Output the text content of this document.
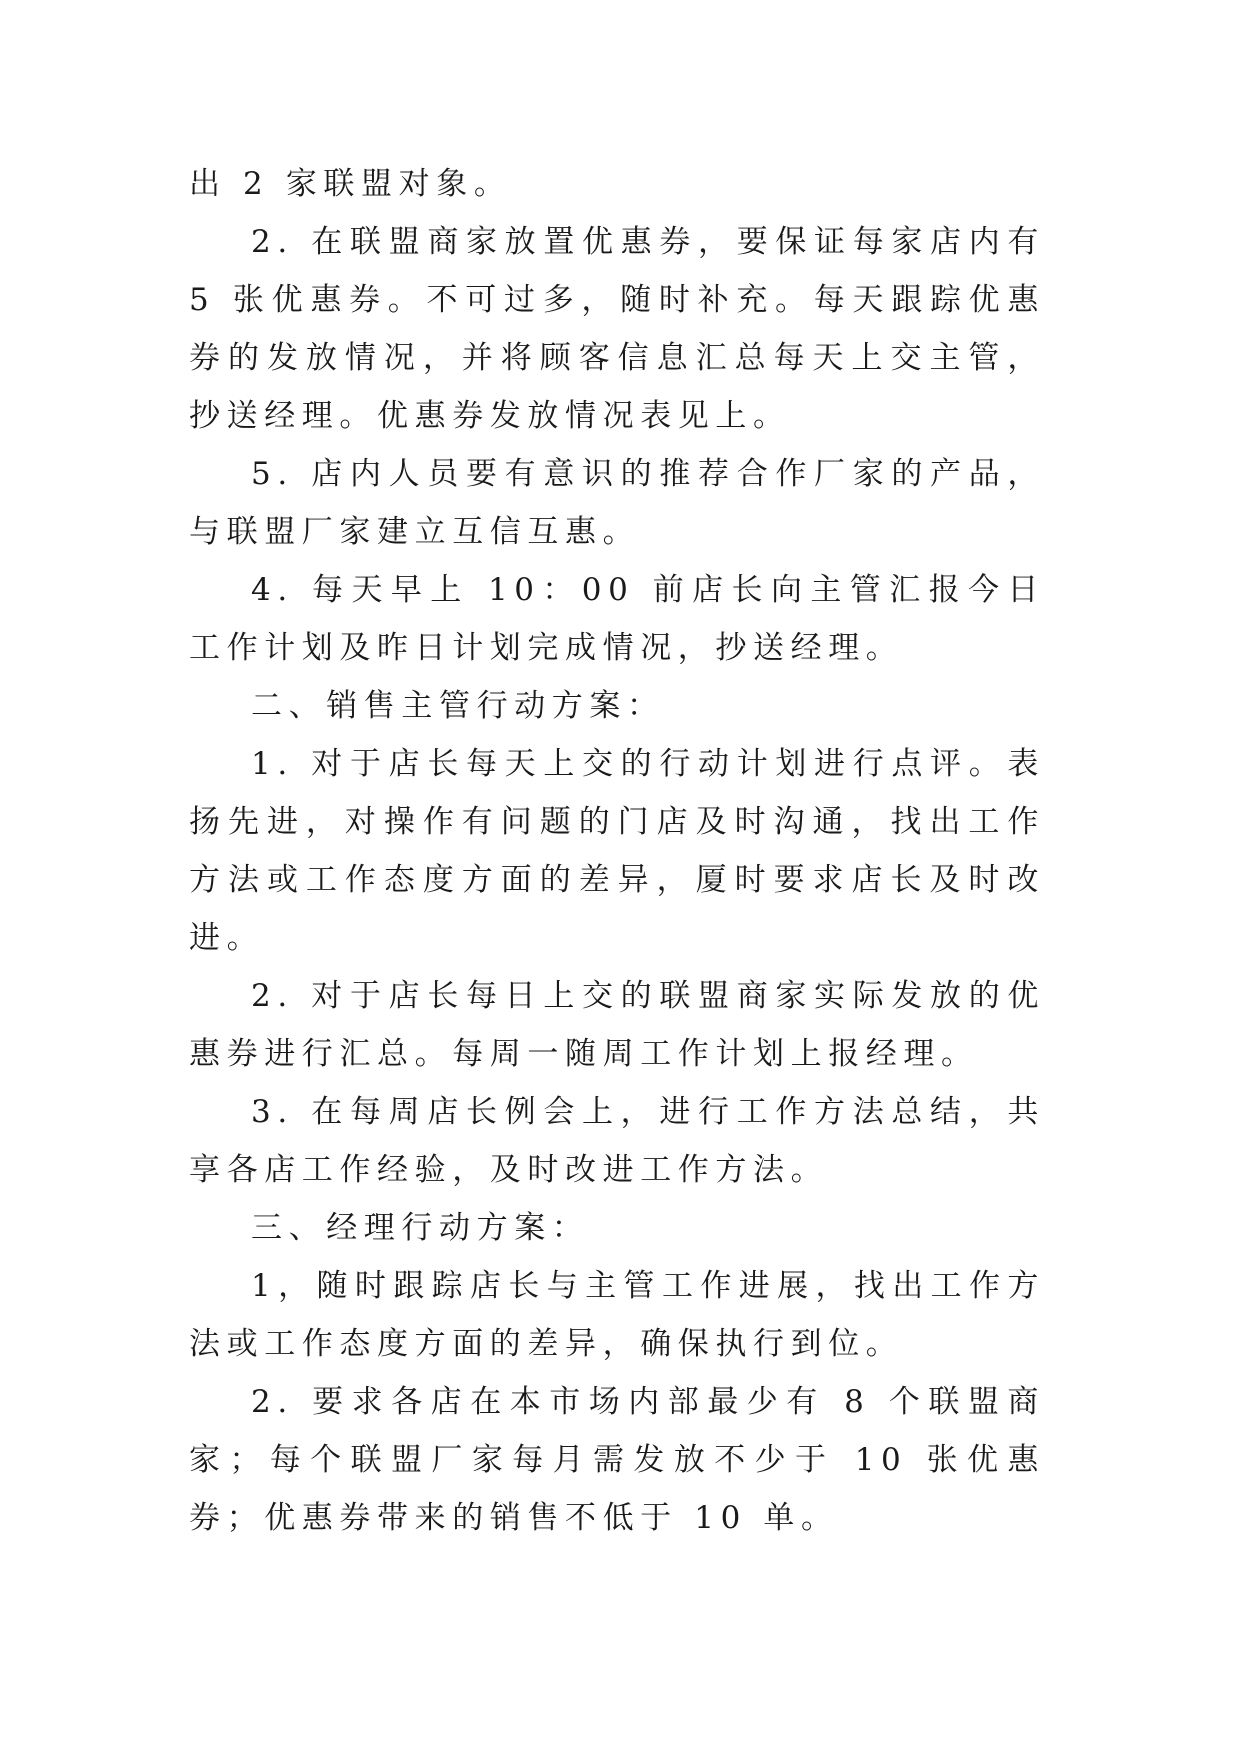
出 2 家联盟对象。

2. 在联盟商家放置优惠券，要保证每家店内有 5 张优惠券。不可过多，随时补充。每天跟踪优惠券的发放情况，并将顾客信息汇总每天上交主管，抄送经理。优惠券发放情况表见上。

5. 店内人员要有意识的推荐合作厂家的产品，与联盟厂家建立互信互惠。

4. 每天早上 10：00 前店长向主管汇报今日工作计划及昨日计划完成情况，抄送经理。

二、销售主管行动方案：

1. 对于店长每天上交的行动计划进行点评。表扬先进，对操作有问题的门店及时沟通，找出工作方法或工作态度方面的差异，厦时要求店长及时改进。

2. 对于店长每日上交的联盟商家实际发放的优惠券进行汇总。每周一随周工作计划上报经理。

3. 在每周店长例会上，进行工作方法总结，共享各店工作经验，及时改进工作方法。

三、经理行动方案：

1，随时跟踪店长与主管工作进展，找出工作方法或工作态度方面的差异，确保执行到位。

2. 要求各店在本市场内部最少有 8 个联盟商家；每个联盟厂家每月需发放不少于 10 张优惠券；优惠券带来的销售不低于 10 单。
